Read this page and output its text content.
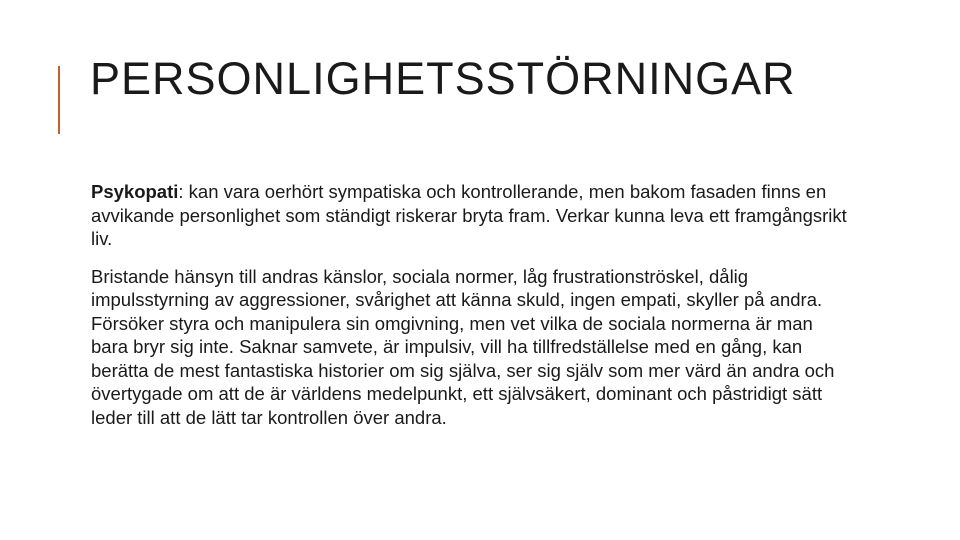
PERSONLIGHETSSTÖRNINGAR

Psykopati: kan vara oerhört sympatiska och kontrollerande, men bakom fasaden finns en avvikande personlighet som ständigt riskerar bryta fram. Verkar kunna leva ett framgångsrikt liv.

Bristande hänsyn till andras känslor, sociala normer, låg frustrationströskel, dålig impulsstyrning av aggressioner, svårighet att känna skuld, ingen empati, skyller på andra. Försöker styra och manipulera sin omgivning, men vet vilka de sociala normerna är man bara bryr sig inte. Saknar samvete, är impulsiv, vill ha tillfredställelse med en gång, kan berätta de mest fantastiska historier om sig själva, ser sig själv som mer värd än andra och övertygade om att de är världens medelpunkt, ett självsäkert, dominant och påstridigt sätt leder till att de lätt tar kontrollen över andra.
